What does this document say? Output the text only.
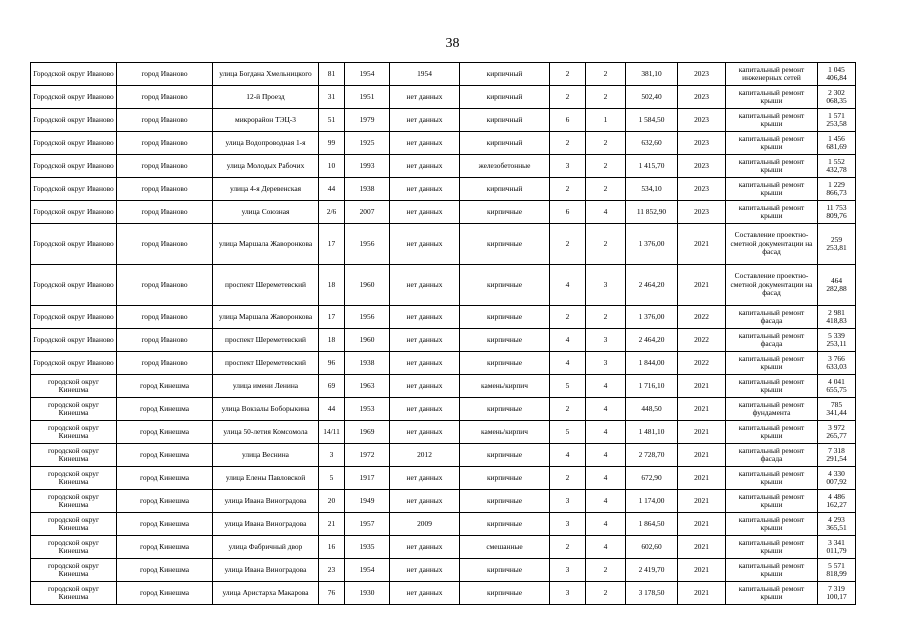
38
Городской округ Иваново	город Иваново	улица Богдана Хмельницкого	81	1954	1954	кирпичный	2	2	381,10	2023	капитальный ремонт инженерных сетей	1 045 406,84
Городской округ Иваново	город Иваново	12-й Проезд	31	1951	нет данных	кирпичный	2	2	502,40	2023	капитальный ремонт крыши	2 302 068,35
Городской округ Иваново	город Иваново	микрорайон ТЭЦ-3	51	1979	нет данных	кирпичный	6	1	1 584,50	2023	капитальный ремонт крыши	1 571 253,58
Городской округ Иваново	город Иваново	улица Водопроводная 1-я	99	1925	нет данных	кирпичный	2	2	632,60	2023	капитальный ремонт крыши	1 456 681,69
Городской округ Иваново	город Иваново	улица Молодых Рабочих	10	1993	нет данных	железобетонные	3	2	1 415,70	2023	капитальный ремонт крыши	1 552 432,78
Городской округ Иваново	город Иваново	улица 4-я Деревенская	44	1938	нет данных	кирпичный	2	2	534,10	2023	капитальный ремонт крыши	1 229 866,73
Городской округ Иваново	город Иваново	улица Союзная	2/6	2007	нет данных	кирпичные	6	4	11 852,90	2023	капитальный ремонт крыши	11 753 809,76
Городской округ Иваново	город Иваново	улица Маршала Жаворонкова	17	1956	нет данных	кирпичные	2	2	1 376,00	2021	Составление проектно-сметной документации на фасад	259 253,81
Городской округ Иваново	город Иваново	проспект Шереметевский	18	1960	нет данных	кирпичные	4	3	2 464,20	2021	Составление проектно-сметной документации на фасад	464 282,88
Городской округ Иваново	город Иваново	улица Маршала Жаворонкова	17	1956	нет данных	кирпичные	2	2	1 376,00	2022	капитальный ремонт фасада	2 981 418,83
Городской округ Иваново	город Иваново	проспект Шереметевский	18	1960	нет данных	кирпичные	4	3	2 464,20	2022	капитальный ремонт фасада	5 339 253,11
Городской округ Иваново	город Иваново	проспект Шереметевский	96	1938	нет данных	кирпичные	4	3	1 844,00	2022	капитальный ремонт крыши	3 766 633,03
городской округ Кинешма	город Кинешма	улица имени Ленина	69	1963	нет данных	камень/кирпич	5	4	1 716,10	2021	капитальный ремонт крыши	4 041 655,75
городской округ Кинешма	город Кинешма	улица Вокзалы Боборыкина	44	1953	нет данных	кирпичные	2	4	448,50	2021	капитальный ремонт фундамента	785 341,44
городской округ Кинешма	город Кинешма	улица 50-летия Комсомола	14/11	1969	нет данных	камень/кирпич	5	4	1 481,10	2021	капитальный ремонт крыши	3 972 265,77
городской округ Кинешма	город Кинешма	улица Веснина	3	1972	2012	кирпичные	4	4	2 728,70	2021	капитальный ремонт фасада	7 318 291,54
городской округ Кинешма	город Кинешма	улица Елены Павловской	5	1917	нет данных	кирпичные	2	4	672,90	2021	капитальный ремонт крыши	4 330 007,92
городской округ Кинешма	город Кинешма	улица Ивана Виноградова	20	1949	нет данных	кирпичные	3	4	1 174,00	2021	капитальный ремонт крыши	4 486 162,27
городской округ Кинешма	город Кинешма	улица Ивана Виноградова	21	1957	2009	кирпичные	3	4	1 864,50	2021	капитальный ремонт крыши	4 293 365,51
городской округ Кинешма	город Кинешма	улица Фабричный двор	16	1935	нет данных	смешанные	2	4	602,60	2021	капитальный ремонт крыши	3 341 011,79
городской округ Кинешма	город Кинешма	улица Ивана Виноградова	23	1954	нет данных	кирпичные	3	2	2 419,70	2021	капитальный ремонт крыши	5 571 818,99
городской округ Кинешма	город Кинешма	улица Аристарха Макарова	76	1930	нет данных	кирпичные	3	2	3 178,50	2021	капитальный ремонт крыши	7 319 100,17
